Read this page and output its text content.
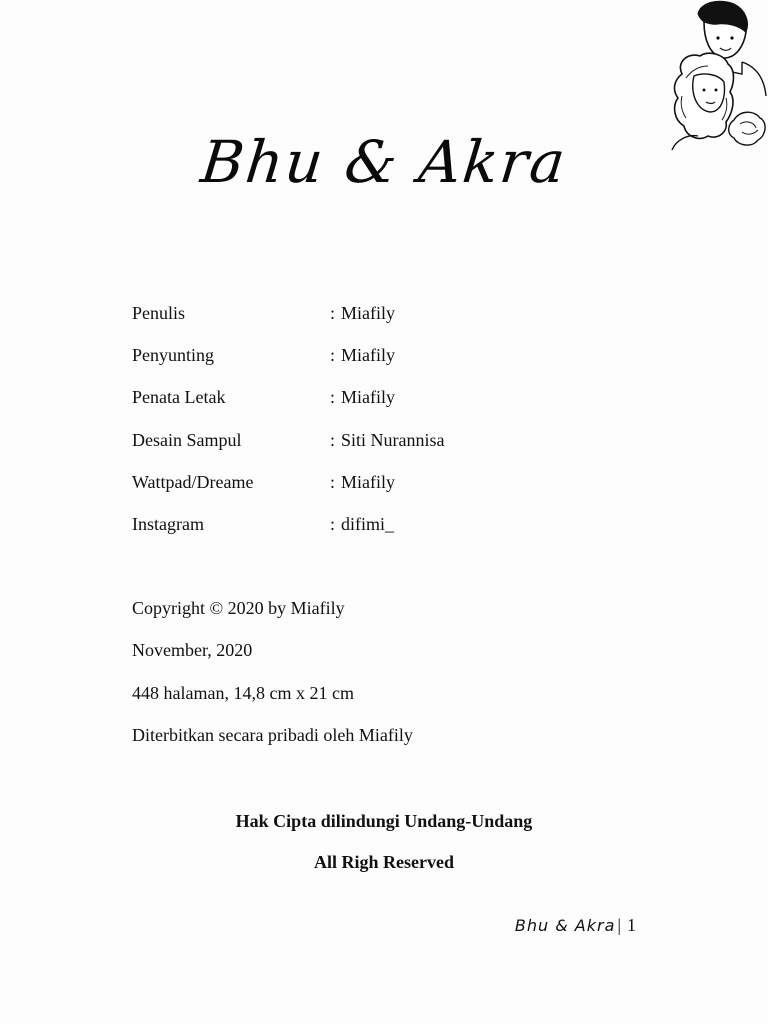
Bhu & Akra
Penulis	: Miafily
Penyunting	: Miafily
Penata Letak	: Miafily
Desain Sampul	: Siti Nurannisa
Wattpad/Dreame	: Miafily
Instagram	: difimi_
Copyright © 2020 by Miafily
November, 2020
448 halaman, 14,8 cm x 21 cm
Diterbitkan secara pribadi oleh Miafily
Hak Cipta dilindungi Undang-Undang
All Righ Reserved
Bhu & Akra | 1
